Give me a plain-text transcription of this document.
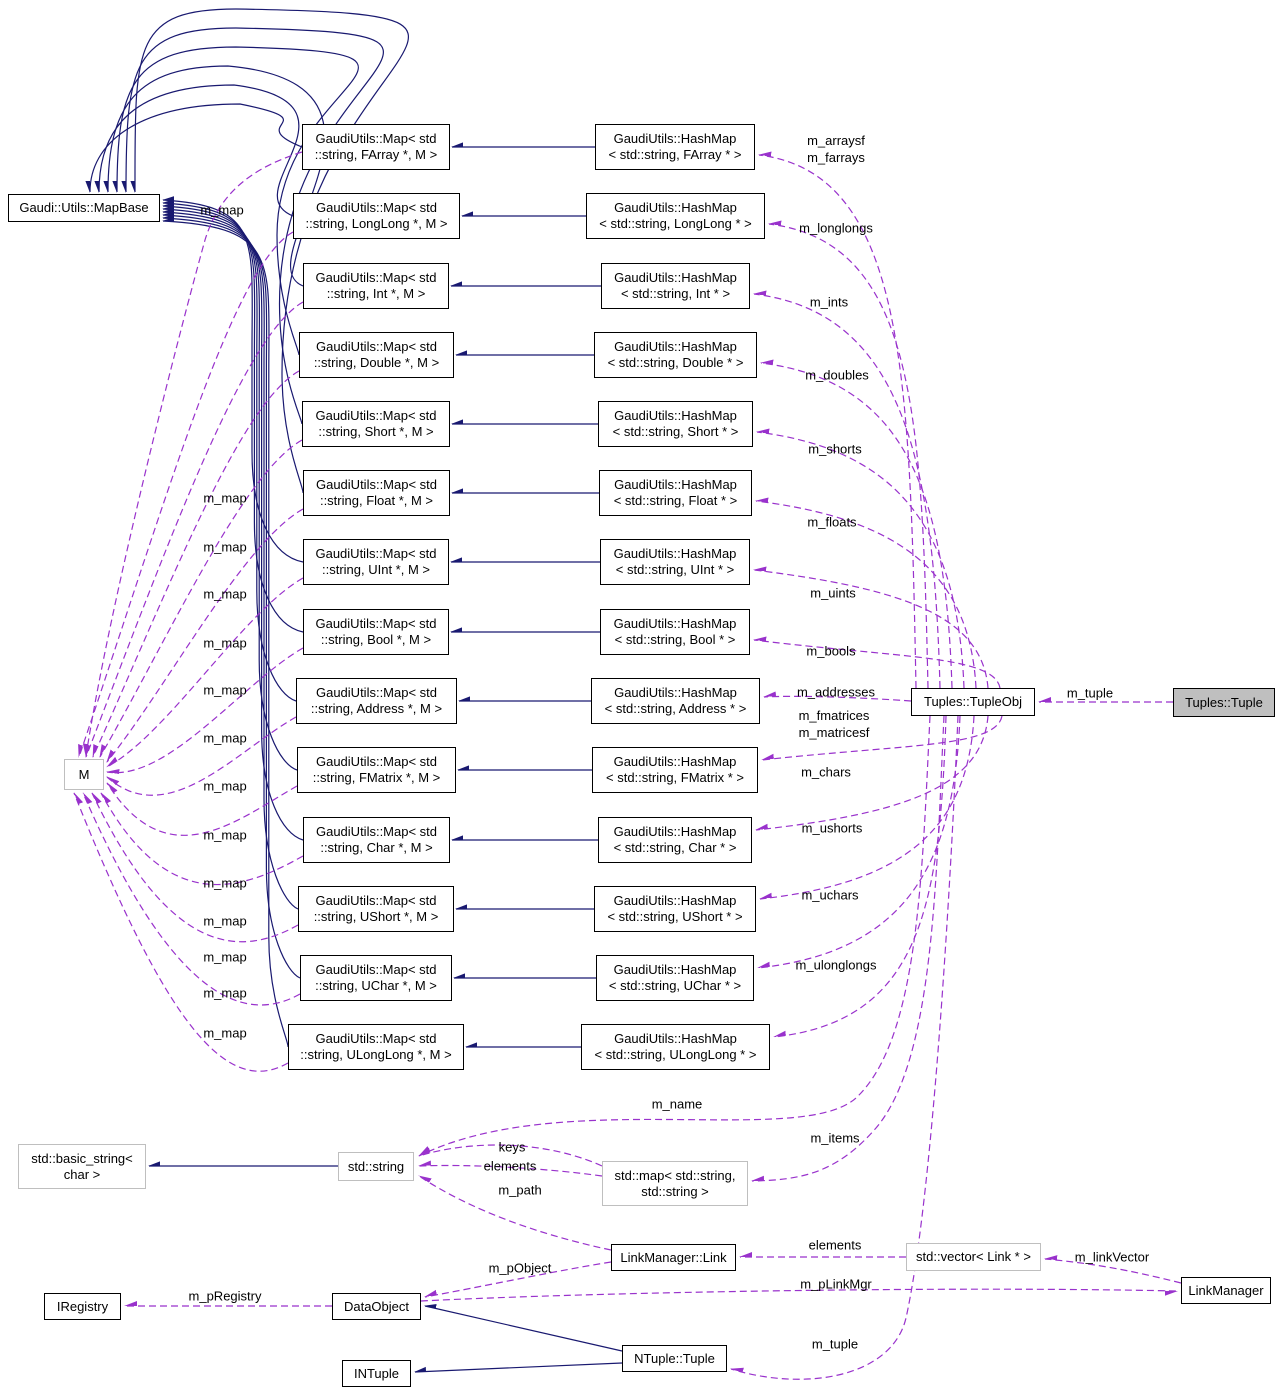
Gaudi::Utils::MapBase
M
Tuples::TupleObj	Tuples::Tuple
std::basic_string<
char >
std::string
std::map< std::string,
std::string >
LinkManager::Link	std::vector< Link * >
LinkManager
IRegistry	DataObject
NTuple::Tuple
INTuple
GaudiUtils::Map< std
::string, FArray *, M >
GaudiUtils::HashMap
< std::string, FArray * >
GaudiUtils::Map< std
::string, LongLong *, M >
GaudiUtils::HashMap
< std::string, LongLong * >
GaudiUtils::Map< std
::string, Int *, M >
GaudiUtils::HashMap
< std::string, Int * >
GaudiUtils::Map< std
::string, Double *, M >
GaudiUtils::HashMap
< std::string, Double * >
GaudiUtils::Map< std
::string, Short *, M >
GaudiUtils::HashMap
< std::string, Short * >
GaudiUtils::Map< std
::string, Float *, M >
GaudiUtils::HashMap
< std::string, Float * >
GaudiUtils::Map< std
::string, UInt *, M >
GaudiUtils::HashMap
< std::string, UInt * >
GaudiUtils::Map< std
::string, Bool *, M >
GaudiUtils::HashMap
< std::string, Bool * >
GaudiUtils::Map< std
::string, Address *, M >
GaudiUtils::HashMap
< std::string, Address * >
GaudiUtils::Map< std
::string, FMatrix *, M >
GaudiUtils::HashMap
< std::string, FMatrix * >
GaudiUtils::Map< std
::string, Char *, M >
GaudiUtils::HashMap
< std::string, Char * >
GaudiUtils::Map< std
::string, UShort *, M >
GaudiUtils::HashMap
< std::string, UShort * >
GaudiUtils::Map< std
::string, UChar *, M >
GaudiUtils::HashMap
< std::string, UChar * >
GaudiUtils::Map< std
::string, ULongLong *, M >
GaudiUtils::HashMap
< std::string, ULongLong * >
m_arraysf
m_farrays
m_longlongs
m_ints
m_doubles
m_shorts
m_floats
m_uints
m_bools
m_addresses
m_fmatrices
m_matricesf
m_chars
m_ushorts
m_uchars
m_ulonglongs
m_map
m_map
m_map
m_map
m_map
m_map
m_map
m_map
m_map
m_map
m_map
m_map
m_map
m_map
m_tuple
m_name
m_items
keys
elements
m_path
elements
m_linkVector
m_pObject
m_pLinkMgr
m_pRegistry
m_tuple
